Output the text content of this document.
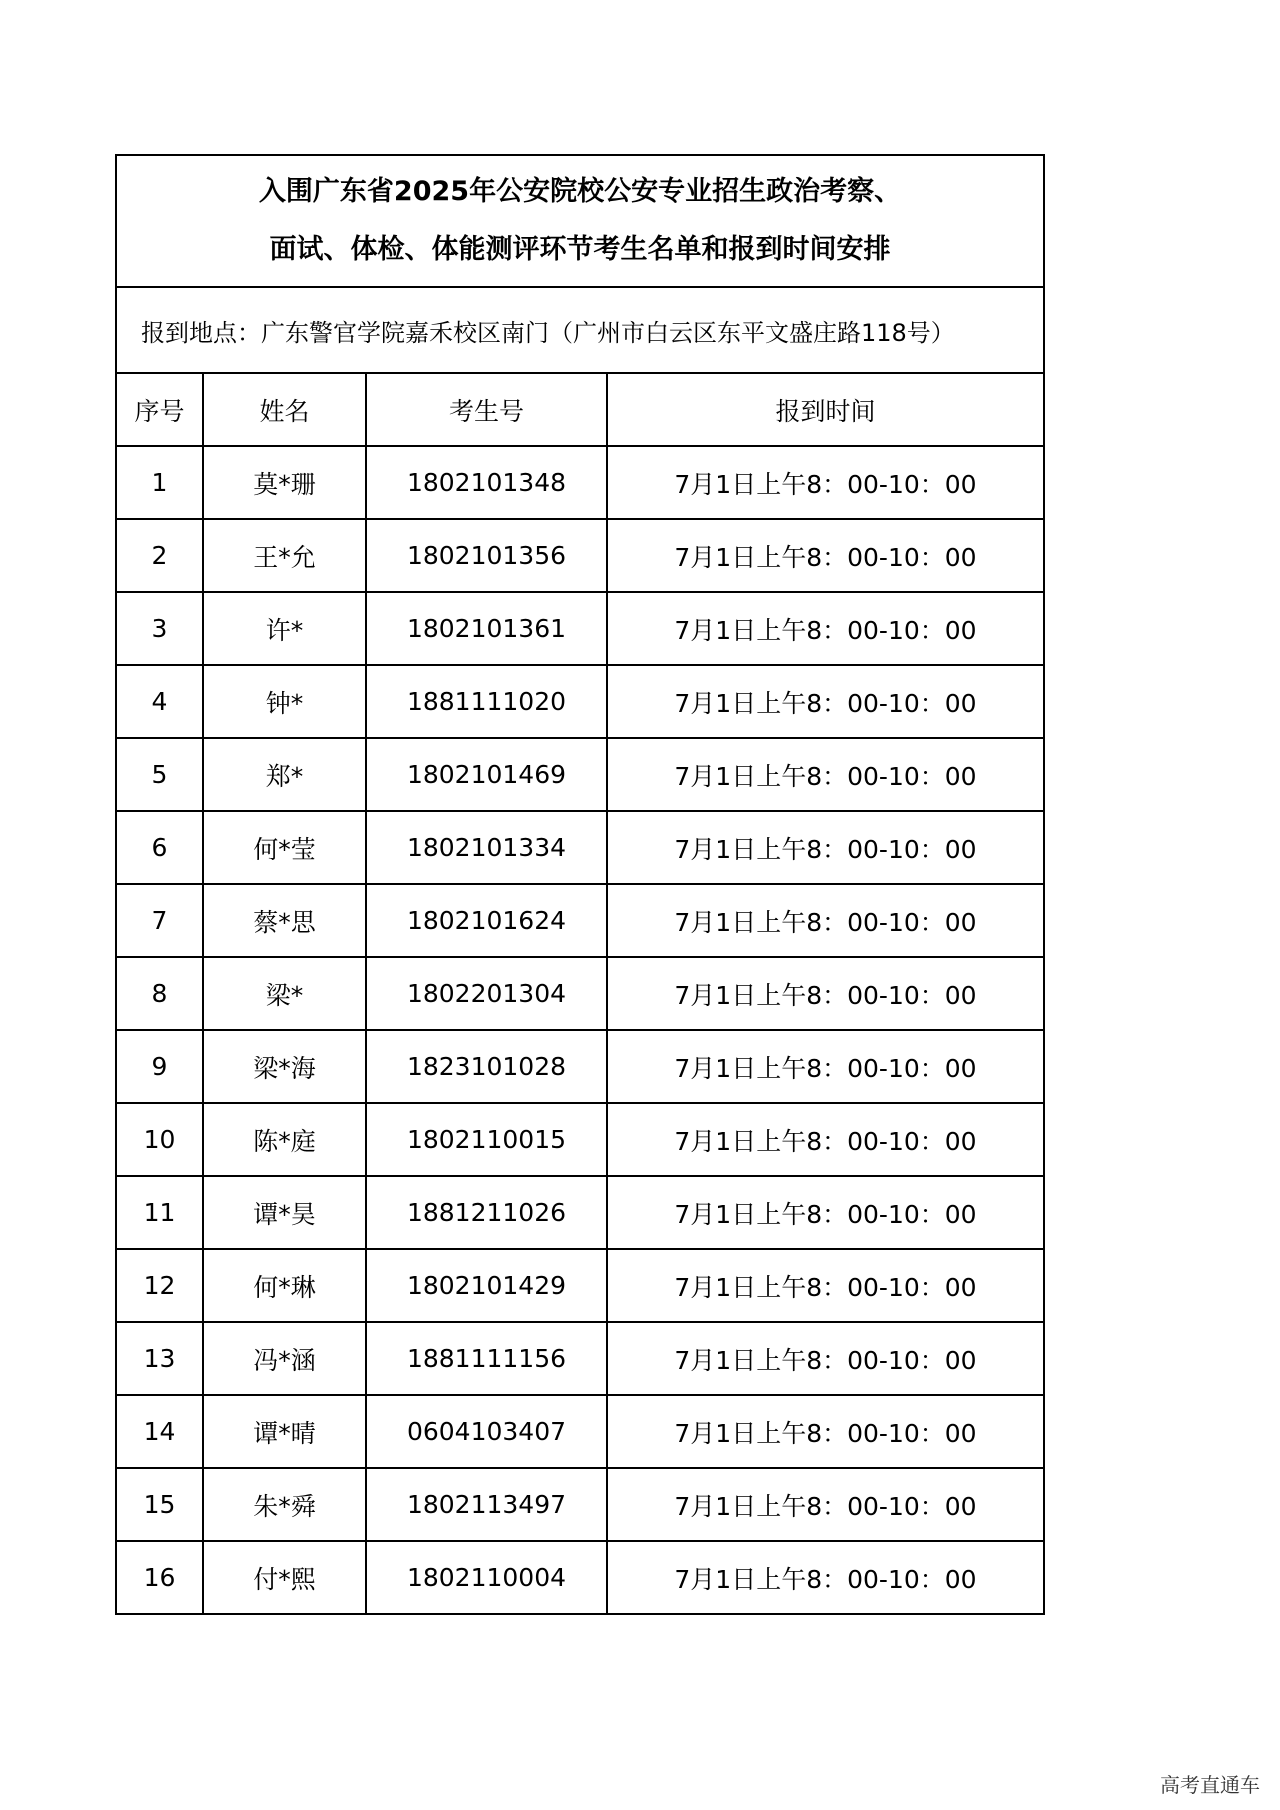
入围广东省2025年公安院校公安专业招生政治考察、
面试、体检、体能测评环节考生名单和报到时间安排
报到地点：广东警官学院嘉禾校区南门（广州市白云区东平文盛庄路118号）
序号	姓名	考生号	报到时间
1	莫*珊	1802101348	7月1日上午8：00-10：00
2	王*允	1802101356	7月1日上午8：00-10：00
3	许*	1802101361	7月1日上午8：00-10：00
4	钟*	1881111020	7月1日上午8：00-10：00
5	郑*	1802101469	7月1日上午8：00-10：00
6	何*莹	1802101334	7月1日上午8：00-10：00
7	蔡*思	1802101624	7月1日上午8：00-10：00
8	梁*	1802201304	7月1日上午8：00-10：00
9	梁*海	1823101028	7月1日上午8：00-10：00
10	陈*庭	1802110015	7月1日上午8：00-10：00
11	谭*昊	1881211026	7月1日上午8：00-10：00
12	何*琳	1802101429	7月1日上午8：00-10：00
13	冯*涵	1881111156	7月1日上午8：00-10：00
14	谭*晴	0604103407	7月1日上午8：00-10：00
15	朱*舜	1802113497	7月1日上午8：00-10：00
16	付*熙	1802110004	7月1日上午8：00-10：00
高考直通车
